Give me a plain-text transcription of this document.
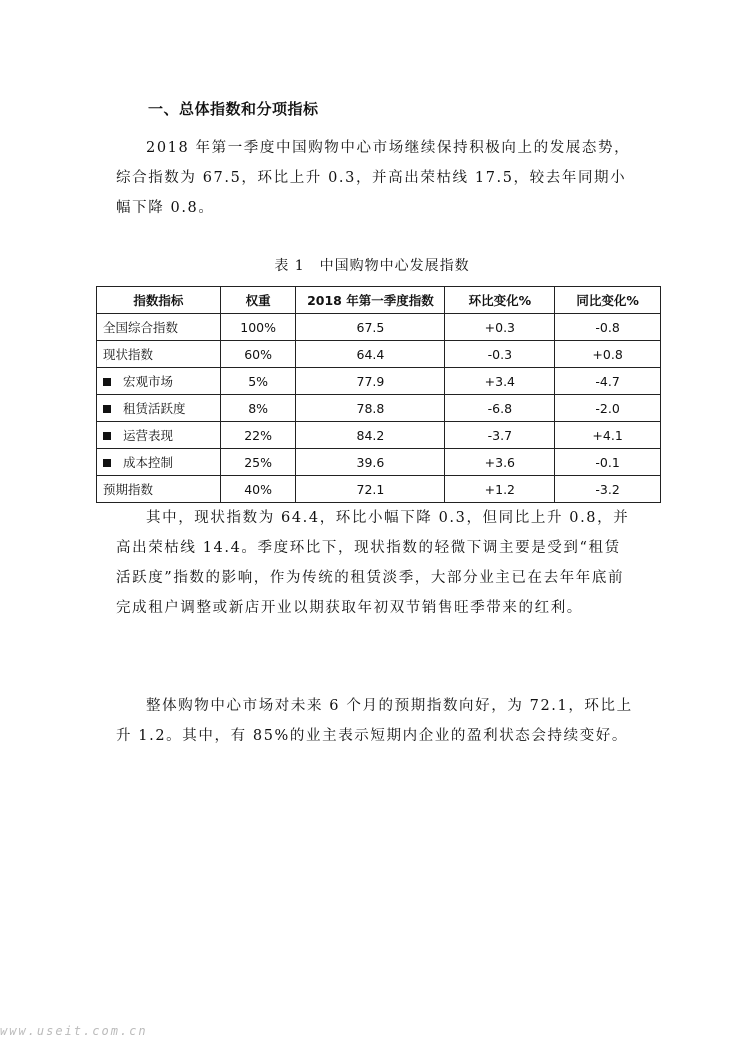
一、总体指数和分项指标

2018 年第一季度中国购物中心市场继续保持积极向上的发展态势，综合指数为 67.5，环比上升 0.3，并高出荣枯线 17.5，较去年同期小幅下降 0.8。

表 1　中国购物中心发展指数
指数指标	权重	2018 年第一季度指数	环比变化%	同比变化%
全国综合指数	100%	67.5	+0.3	-0.8
现状指数	60%	64.4	-0.3	+0.8
宏观市场	5%	77.9	+3.4	-4.7
租赁活跃度	8%	78.8	-6.8	-2.0
运营表现	22%	84.2	-3.7	+4.1
成本控制	25%	39.6	+3.6	-0.1
预期指数	40%	72.1	+1.2	-3.2

其中，现状指数为 64.4，环比小幅下降 0.3，但同比上升 0.8，并高出荣枯线 14.4。季度环比下，现状指数的轻微下调主要是受到“租赁活跃度”指数的影响，作为传统的租赁淡季，大部分业主已在去年年底前完成租户调整或新店开业以期获取年初双节销售旺季带来的红利。

整体购物中心市场对未来 6 个月的预期指数向好，为 72.1，环比上升 1.2。其中，有 85%的业主表示短期内企业的盈利状态会持续变好。

www.useit.com.cn
